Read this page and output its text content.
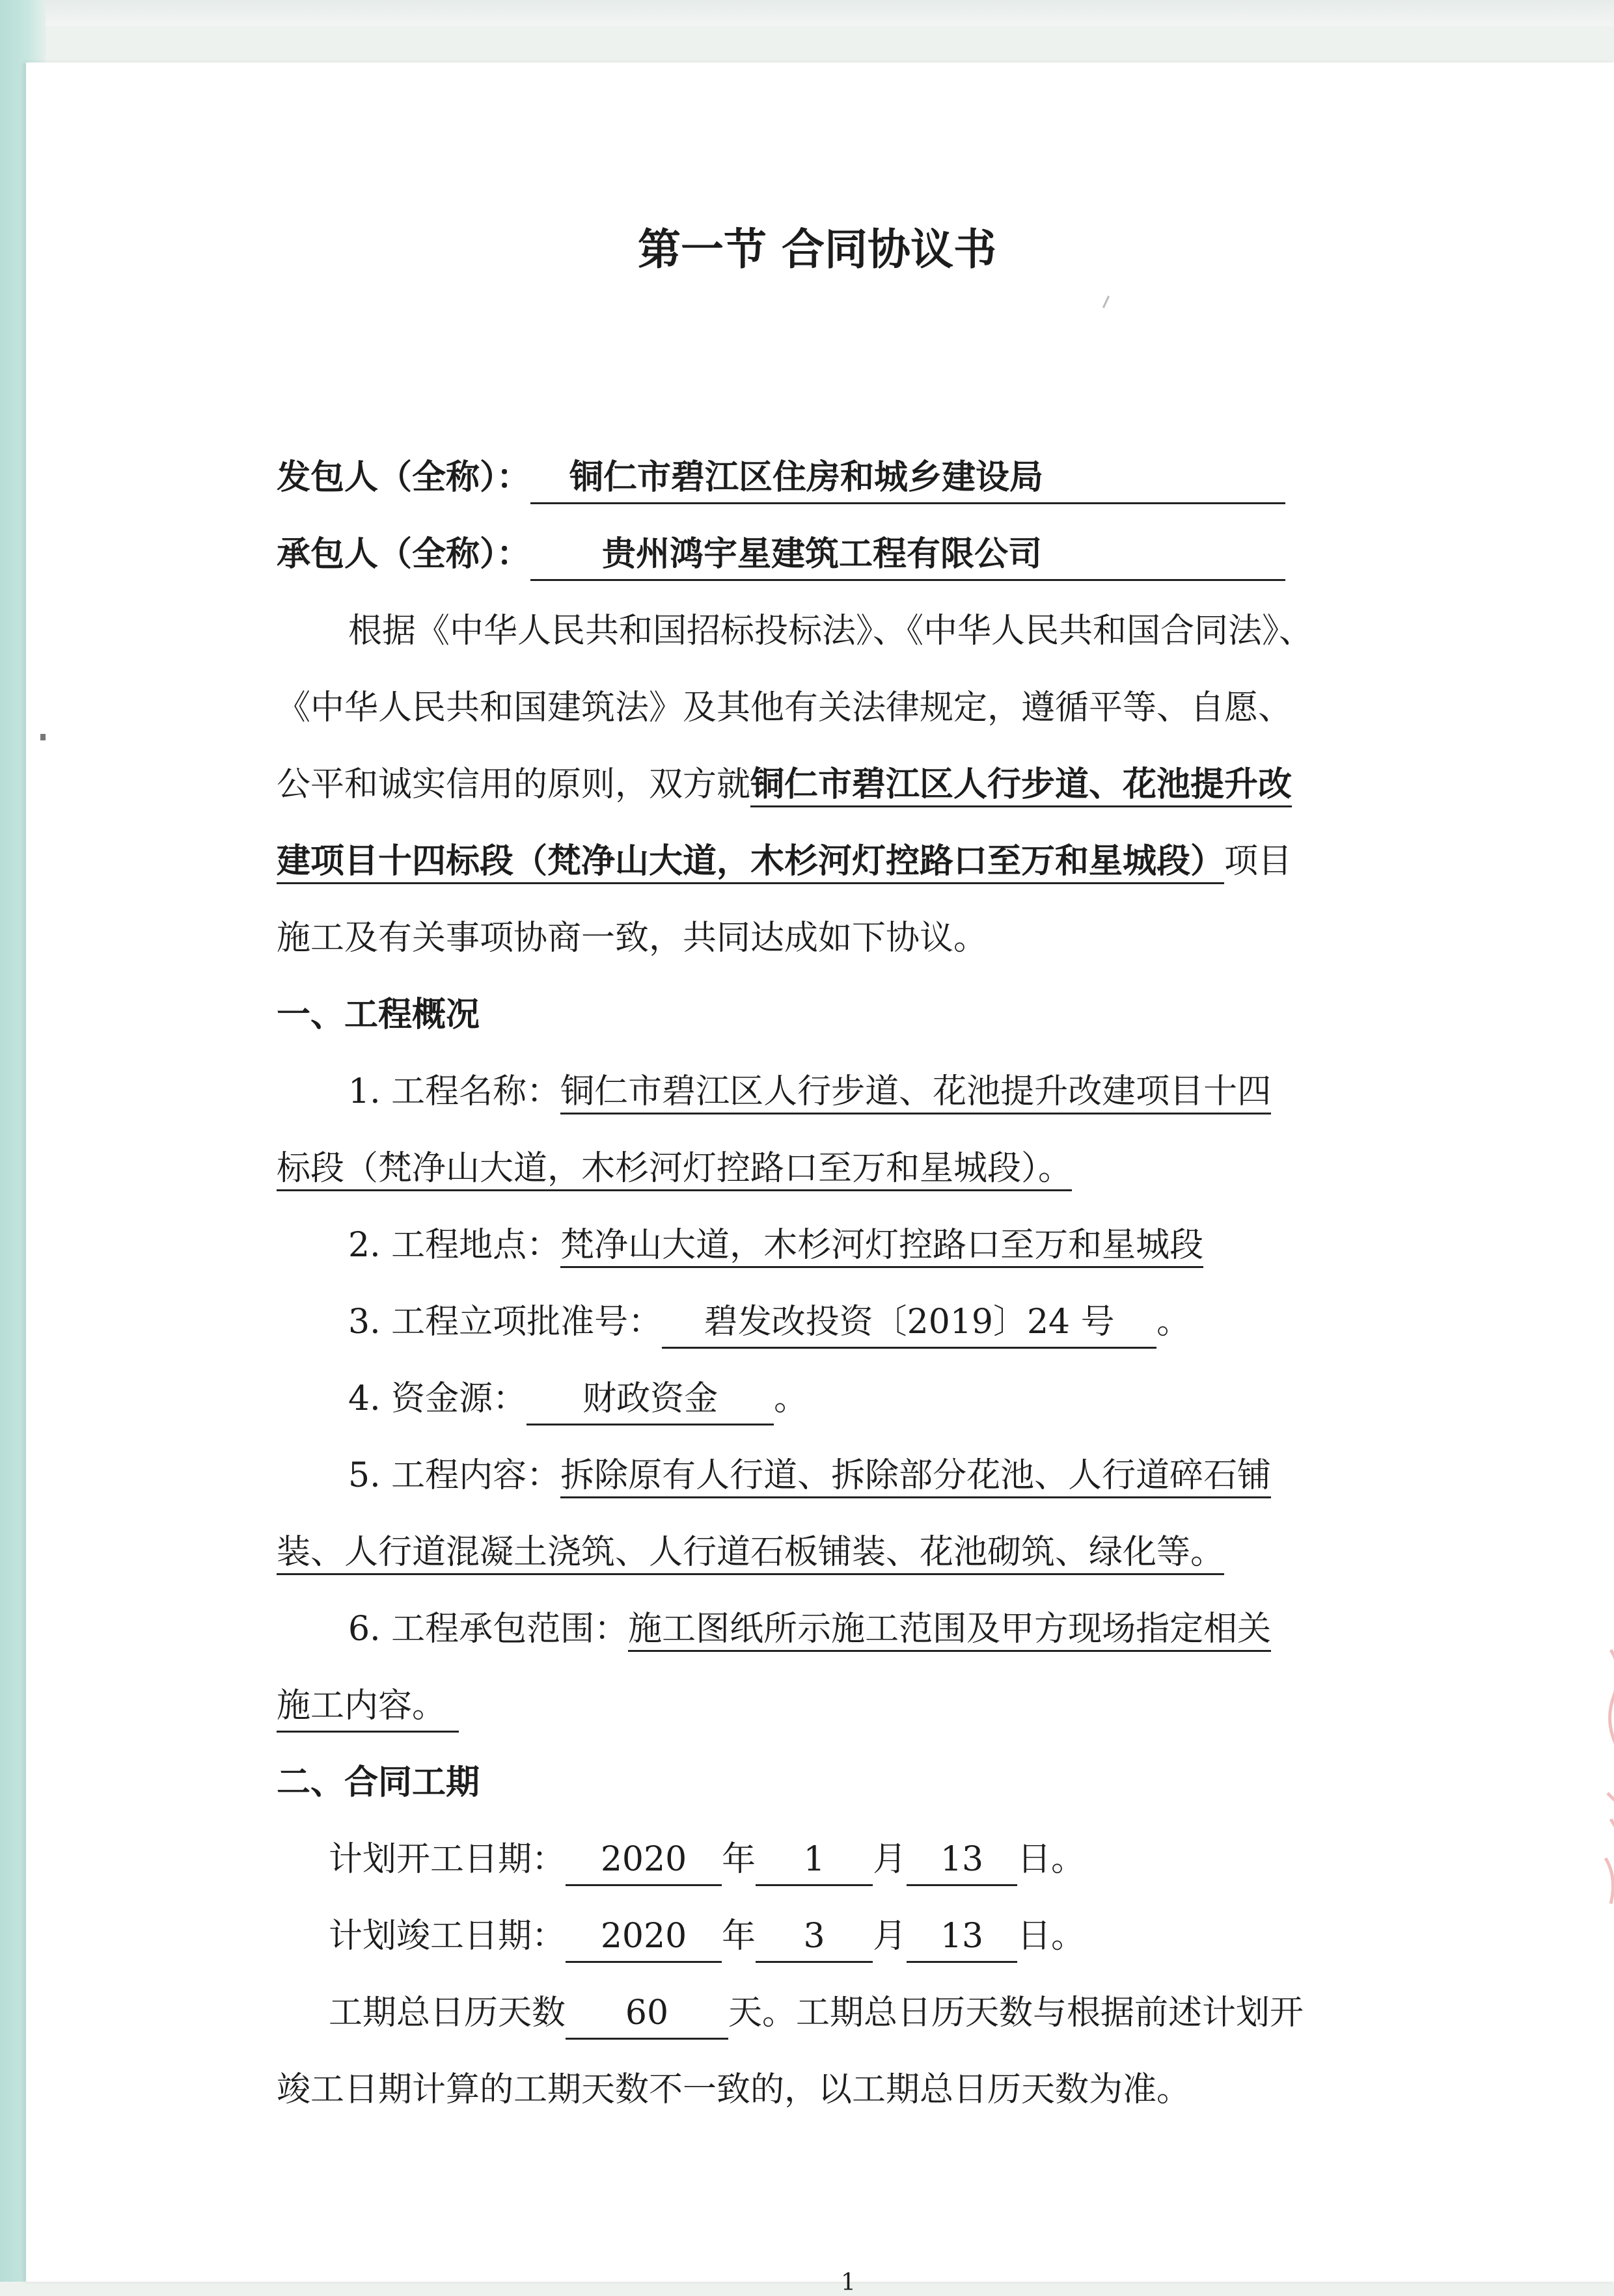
第一节 合同协议书

发包人（全称）： 铜仁市碧江区住房和城乡建设局

承包人（全称）： 贵州鸿宇星建筑工程有限公司

根据《中华人民共和国招标投标法》、《中华人民共和国合同法》、

《中华人民共和国建筑法》及其他有关法律规定，遵循平等、自愿、

公平和诚实信用的原则，双方就铜仁市碧江区人行步道、花池提升改

建项目十四标段（梵净山大道，木杉河灯控路口至万和星城段）项目

施工及有关事项协商一致，共同达成如下协议。

一、工程概况

1. 工程名称：铜仁市碧江区人行步道、花池提升改建项目十四

标段（梵净山大道，木杉河灯控路口至万和星城段）。

2. 工程地点：梵净山大道，木杉河灯控路口至万和星城段

3. 工程立项批准号： 碧发改投资〔2019〕24 号 。

4. 资金源： 财政资金 。

5. 工程内容：拆除原有人行道、拆除部分花池、人行道碎石铺

装、人行道混凝土浇筑、人行道石板铺装、花池砌筑、绿化等。

6. 工程承包范围：施工图纸所示施工范围及甲方现场指定相关

施工内容。

二、合同工期

计划开工日期： 2020 年 1 月 13 日。

计划竣工日期： 2020 年 3 月 13 日。

工期总日历天数 60 天。工期总日历天数与根据前述计划开

竣工日期计算的工期天数不一致的，以工期总日历天数为准。

1
